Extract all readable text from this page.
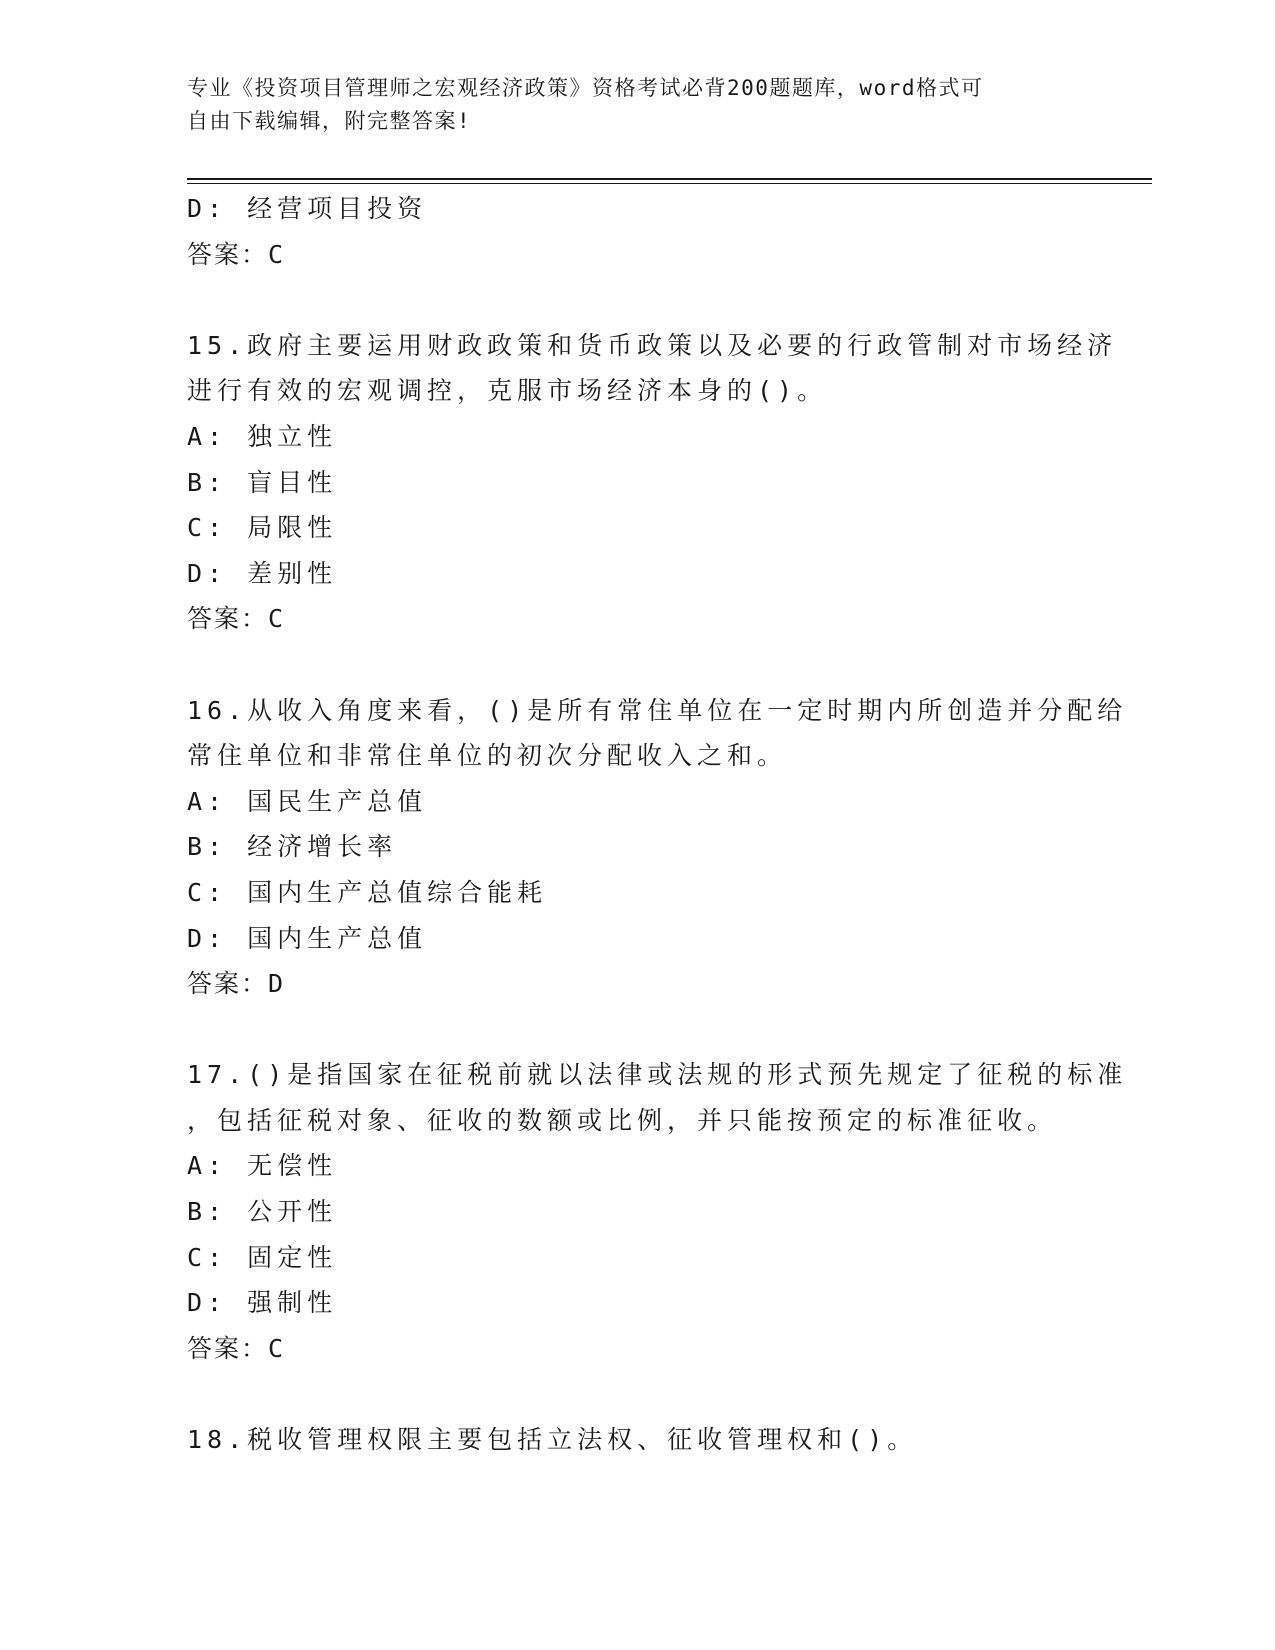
专业《投资项目管理师之宏观经济政策》资格考试必背200题题库，word格式可
自由下载编辑，附完整答案!
D: 经营项目投资
答案：C
15.政府主要运用财政政策和货币政策以及必要的行政管制对市场经济
进行有效的宏观调控，克服市场经济本身的()。
A: 独立性
B: 盲目性
C: 局限性
D: 差别性
答案：C
16.从收入角度来看，()是所有常住单位在一定时期内所创造并分配给
常住单位和非常住单位的初次分配收入之和。
A: 国民生产总值
B: 经济增长率
C: 国内生产总值综合能耗
D: 国内生产总值
答案：D
17.()是指国家在征税前就以法律或法规的形式预先规定了征税的标准
，包括征税对象、征收的数额或比例，并只能按预定的标准征收。
A: 无偿性
B: 公开性
C: 固定性
D: 强制性
答案：C
18.税收管理权限主要包括立法权、征收管理权和()。
